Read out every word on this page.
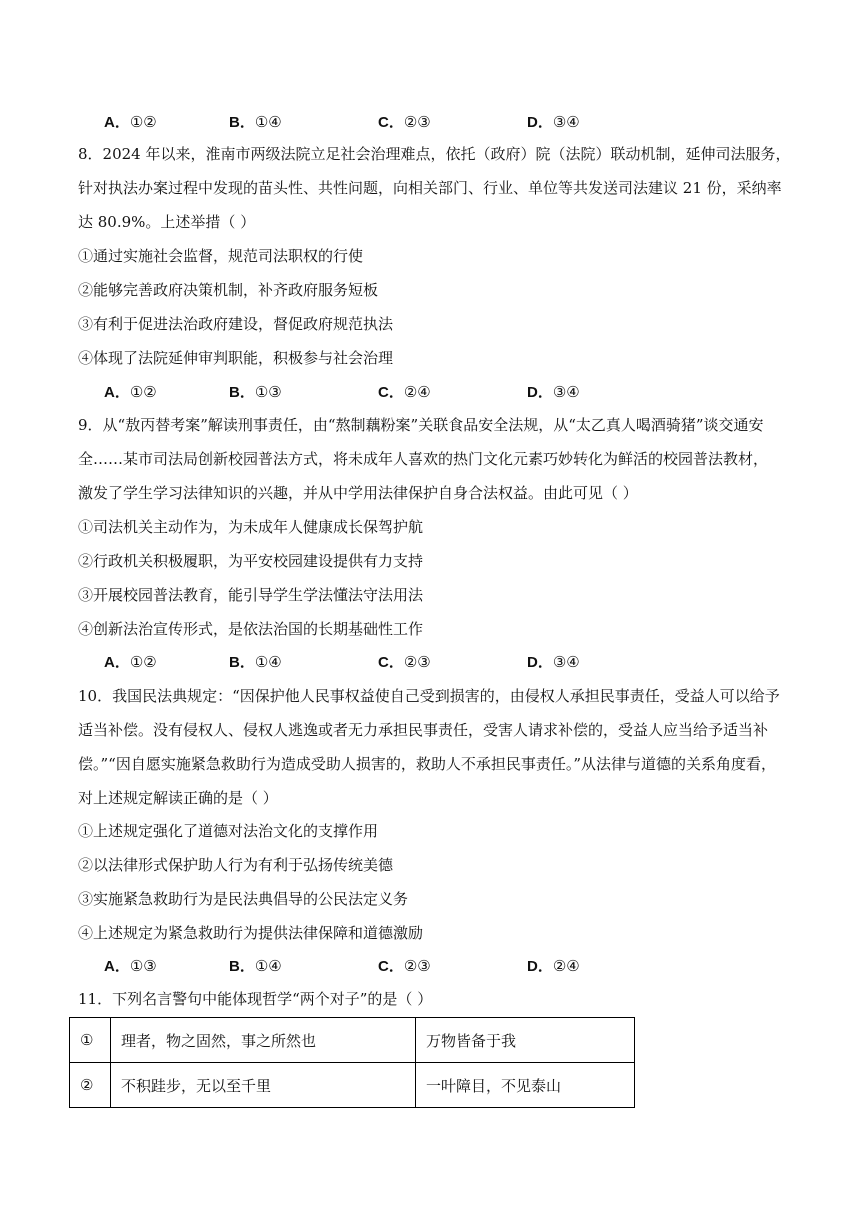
A．①②	B．①④	C．②③	D．③④
8．2024 年以来，淮南市两级法院立足社会治理难点，依托（政府）院（法院）联动机制，延伸司法服务，
针对执法办案过程中发现的苗头性、共性问题，向相关部门、行业、单位等共发送司法建议 21 份，采纳率
达 80.9%。上述举措（ ）
①通过实施社会监督，规范司法职权的行使
②能够完善政府决策机制，补齐政府服务短板
③有利于促进法治政府建设，督促政府规范执法
④体现了法院延伸审判职能，积极参与社会治理
A．①②	B．①③	C．②④	D．③④
9．从“敖丙替考案”解读刑事责任，由“熬制藕粉案”关联食品安全法规，从“太乙真人喝酒骑猪”谈交通安
全……某市司法局创新校园普法方式，将未成年人喜欢的热门文化元素巧妙转化为鲜活的校园普法教材，
激发了学生学习法律知识的兴趣，并从中学用法律保护自身合法权益。由此可见（ ）
①司法机关主动作为，为未成年人健康成长保驾护航
②行政机关积极履职，为平安校园建设提供有力支持
③开展校园普法教育，能引导学生学法懂法守法用法
④创新法治宣传形式，是依法治国的长期基础性工作
A．①②	B．①④	C．②③	D．③④
10．我国民法典规定：“因保护他人民事权益使自己受到损害的，由侵权人承担民事责任，受益人可以给予
适当补偿。没有侵权人、侵权人逃逸或者无力承担民事责任，受害人请求补偿的，受益人应当给予适当补
偿。”“因自愿实施紧急救助行为造成受助人损害的，救助人不承担民事责任。”从法律与道德的关系角度看，
对上述规定解读正确的是（ ）
①上述规定强化了道德对法治文化的支撑作用
②以法律形式保护助人行为有利于弘扬传统美德
③实施紧急救助行为是民法典倡导的公民法定义务
④上述规定为紧急救助行为提供法律保障和道德激励
A．①③	B．①④	C．②③	D．②④
11．下列名言警句中能体现哲学“两个对子”的是（ ）
①	理者，物之固然，事之所然也	万物皆备于我
②	不积跬步，无以至千里	一叶障目，不见泰山
